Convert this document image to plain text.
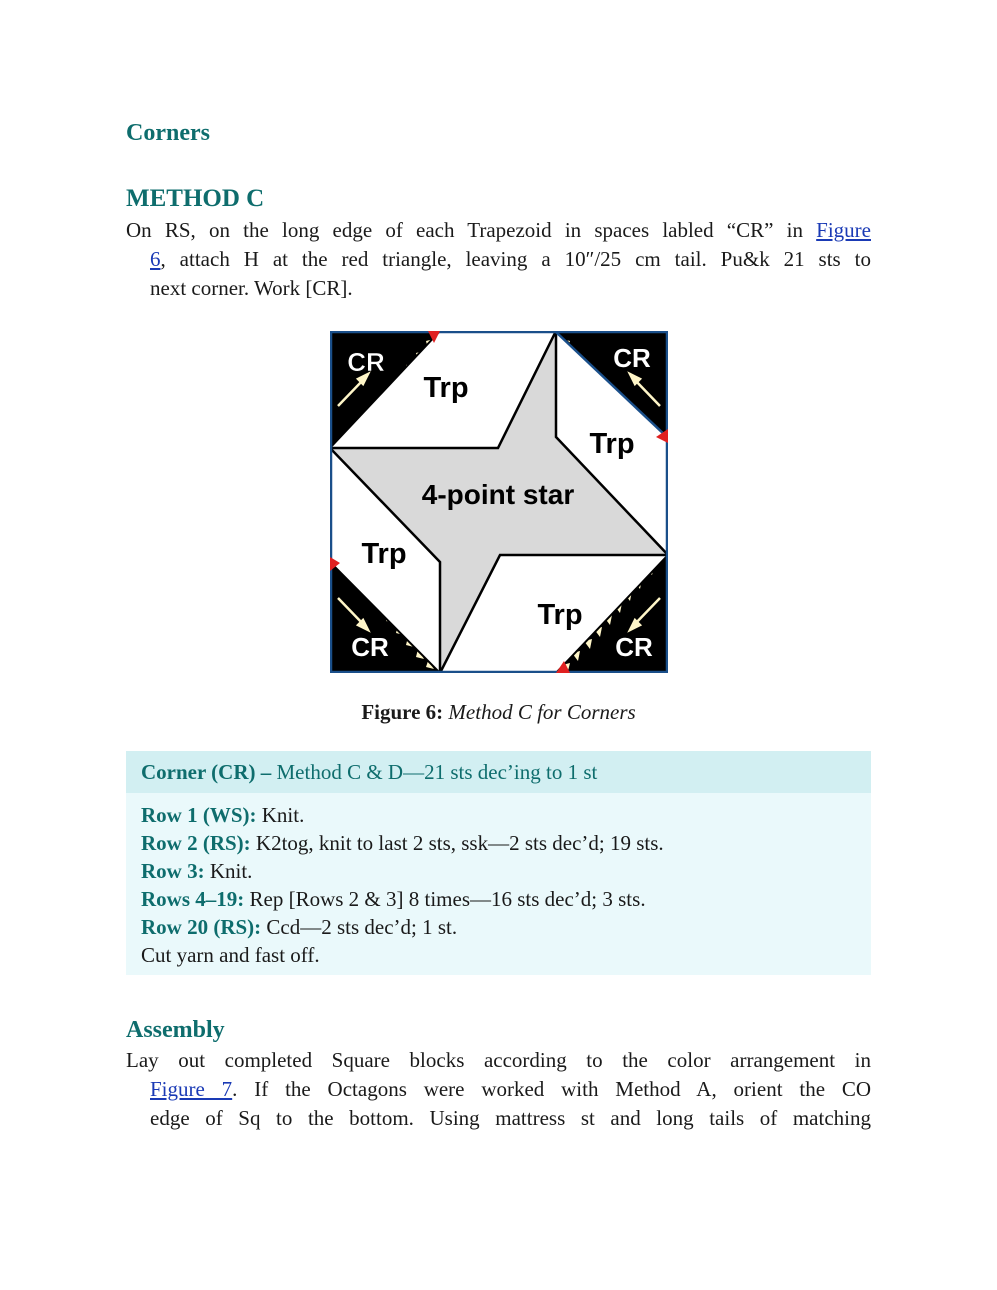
Corners
METHOD C
On RS, on the long edge of each Trapezoid in spaces labled “CR” in Figure
6, attach H at the red triangle, leaving a 10″/25 cm tail. Pu&k 21 sts to
next corner. Work [CR].
CR	CR
CR	CR
Trp
Trp
Trp
Trp
4-point star
Figure 6: Method C for Corners
Corner (CR) – Method C & D—21 sts dec’ing to 1 st
Row 1 (WS): Knit.
Row 2 (RS): K2tog, knit to last 2 sts, ssk—2 sts dec’d; 19 sts.
Row 3: Knit.
Rows 4–19: Rep [Rows 2 & 3] 8 times—16 sts dec’d; 3 sts.
Row 20 (RS): Ccd—2 sts dec’d; 1 st.
Cut yarn and fast off.
Assembly
Lay out completed Square blocks according to the color arrangement in
Figure 7. If the Octagons were worked with Method A, orient the CO
edge of Sq to the bottom. Using mattress st and long tails of matching
